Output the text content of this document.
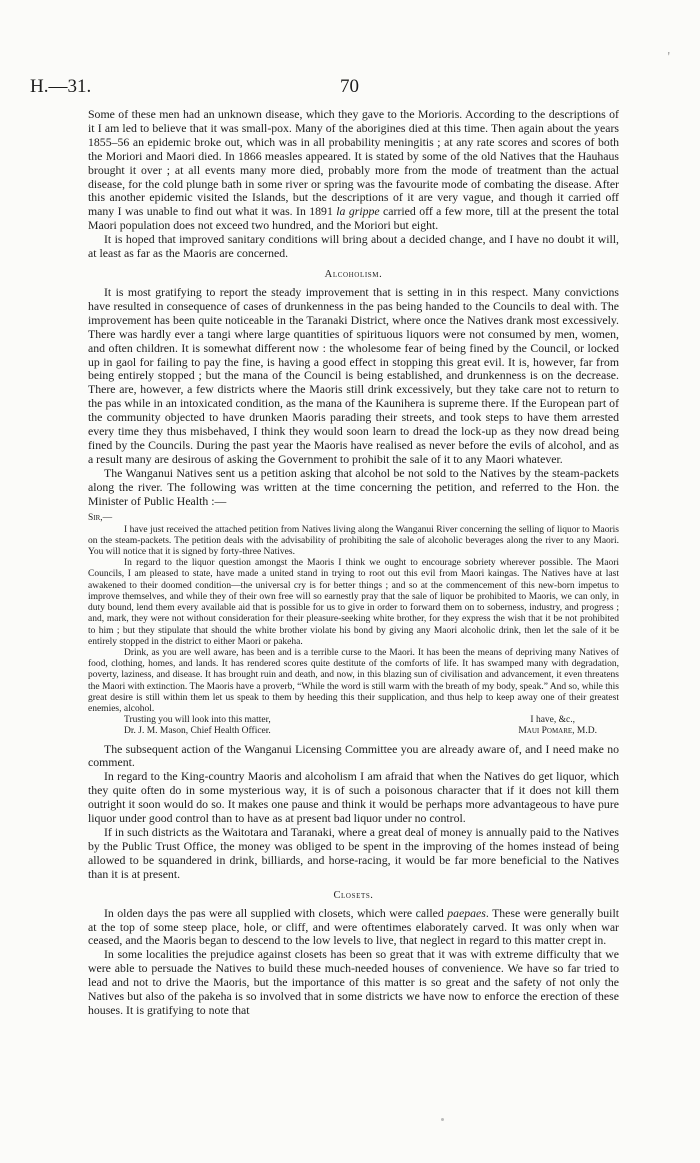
H.—31.	70
'

Some of these men had an unknown disease, which they gave to the Morioris. According to the descriptions of it I am led to believe that it was small-pox. Many of the aborigines died at this time. Then again about the years 1855–56 an epidemic broke out, which was in all probability meningitis ; at any rate scores and scores of both the Moriori and Maori died. In 1866 measles appeared. It is stated by some of the old Natives that the Hauhaus brought it over ; at all events many more died, probably more from the mode of treatment than the actual disease, for the cold plunge bath in some river or spring was the favourite mode of combating the disease. After this another epidemic visited the Islands, but the descriptions of it are very vague, and though it carried off many I was unable to find out what it was. In 1891 la grippe carried off a few more, till at the present the total Maori population does not exceed two hundred, and the Moriori but eight.

It is hoped that improved sanitary conditions will bring about a decided change, and I have no doubt it will, at least as far as the Maoris are concerned.

Alcoholism.

It is most gratifying to report the steady improvement that is setting in in this respect. Many convictions have resulted in consequence of cases of drunkenness in the pas being handed to the Councils to deal with. The improvement has been quite noticeable in the Taranaki District, where once the Natives drank most excessively. There was hardly ever a tangi where large quantities of spirituous liquors were not consumed by men, women, and often children. It is somewhat different now : the wholesome fear of being fined by the Council, or locked up in gaol for failing to pay the fine, is having a good effect in stopping this great evil. It is, however, far from being entirely stopped ; but the mana of the Council is being established, and drunkenness is on the decrease. There are, however, a few districts where the Maoris still drink excessively, but they take care not to return to the pas while in an intoxicated condition, as the mana of the Kaunihera is supreme there. If the European part of the community objected to have drunken Maoris parading their streets, and took steps to have them arrested every time they thus misbehaved, I think they would soon learn to dread the lock-up as they now dread being fined by the Councils. During the past year the Maoris have realised as never before the evils of alcohol, and as a result many are desirous of asking the Government to prohibit the sale of it to any Maori whatever.

The Wanganui Natives sent us a petition asking that alcohol be not sold to the Natives by the steam-packets along the river. The following was written at the time concerning the petition, and referred to the Hon. the Minister of Public Health :—

Sir,—

I have just received the attached petition from Natives living along the Wanganui River concerning the selling of liquor to Maoris on the steam-packets. The petition deals with the advisability of prohibiting the sale of alcoholic beverages along the river to any Maori. You will notice that it is signed by forty-three Natives.

In regard to the liquor question amongst the Maoris I think we ought to encourage sobriety wherever possible. The Maori Councils, I am pleased to state, have made a united stand in trying to root out this evil from Maori kaingas. The Natives have at last awakened to their doomed condition—the universal cry is for better things ; and so at the commencement of this new-born impetus to improve themselves, and while they of their own free will so earnestly pray that the sale of liquor be prohibited to Maoris, we can only, in duty bound, lend them every available aid that is possible for us to give in order to forward them on to soberness, industry, and progress ; and, mark, they were not without consideration for their pleasure-seeking white brother, for they express the wish that it be not prohibited to him ; but they stipulate that should the white brother violate his bond by giving any Maori alcoholic drink, then let the sale of it be entirely stopped in the district to either Maori or pakeha.

Drink, as you are well aware, has been and is a terrible curse to the Maori. It has been the means of depriving many Natives of food, clothing, homes, and lands. It has rendered scores quite destitute of the comforts of life. It has swamped many with degradation, poverty, laziness, and disease. It has brought ruin and death, and now, in this blazing sun of civilisation and advancement, it even threatens the Maori with extinction. The Maoris have a proverb, “While the word is still warm with the breath of my body, speak.” And so, while this great desire is still within them let us speak to them by heeding this their supplication, and thus help to keep away one of their greatest enemies, alcohol.

Trusting you will look into this matter,	I have, &c.,
Dr. J. M. Mason, Chief Health Officer.	Maui Pomare, M.D.

The subsequent action of the Wanganui Licensing Committee you are already aware of, and I need make no comment.

In regard to the King-country Maoris and alcoholism I am afraid that when the Natives do get liquor, which they quite often do in some mysterious way, it is of such a poisonous character that if it does not kill them outright it soon would do so. It makes one pause and think it would be perhaps more advantageous to have pure liquor under good control than to have as at present bad liquor under no control.

If in such districts as the Waitotara and Taranaki, where a great deal of money is annually paid to the Natives by the Public Trust Office, the money was obliged to be spent in the improving of the homes instead of being allowed to be squandered in drink, billiards, and horse-racing, it would be far more beneficial to the Natives than it is at present.

Closets.

In olden days the pas were all supplied with closets, which were called paepaes. These were generally built at the top of some steep place, hole, or cliff, and were oftentimes elaborately carved. It was only when war ceased, and the Maoris began to descend to the low levels to live, that neglect in regard to this matter crept in.

In some localities the prejudice against closets has been so great that it was with extreme difficulty that we were able to persuade the Natives to build these much-needed houses of convenience. We have so far tried to lead and not to drive the Maoris, but the importance of this matter is so great and the safety of not only the Natives but also of the pakeha is so involved that in some districts we have now to enforce the erection of these houses. It is gratifying to note that
